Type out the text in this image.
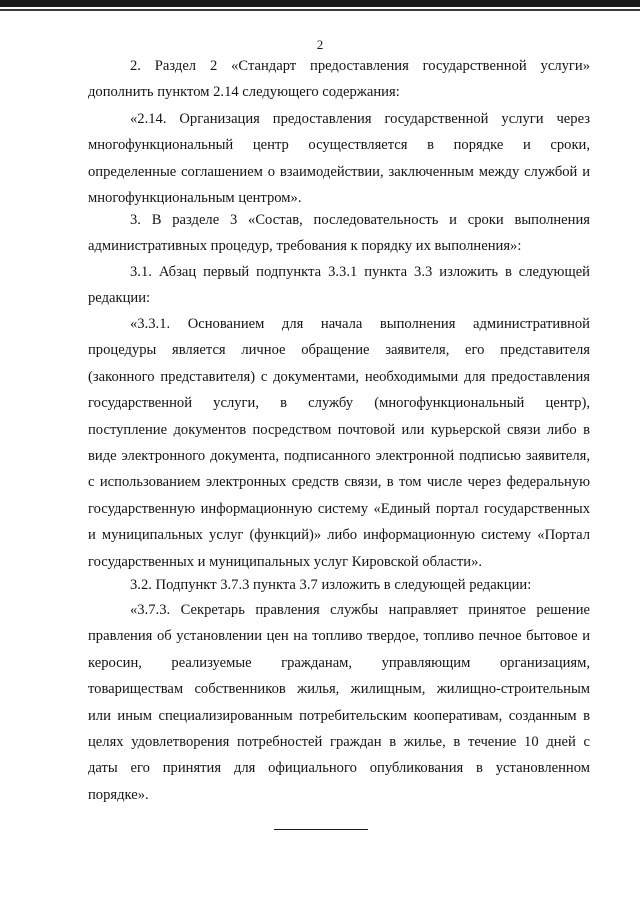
2
2. Раздел 2 «Стандарт предоставления государственной услуги»
дополнить пунктом 2.14 следующего содержания:
«2.14. Организация предоставления государственной услуги через
многофункциональный центр осуществляется в порядке и сроки,
определенные соглашением о взаимодействии, заключенным между службой и
многофункциональным центром».
3. В разделе 3 «Состав, последовательность и сроки выполнения
административных процедур, требования к порядку их выполнения»:
3.1. Абзац первый подпункта 3.3.1 пункта 3.3 изложить в следующей
редакции:
«3.3.1. Основанием для начала выполнения административной
процедуры является личное обращение заявителя, его представителя
(законного представителя) с документами, необходимыми для предоставления
государственной услуги, в службу (многофункциональный центр),
поступление документов посредством почтовой или курьерской связи либо в
виде электронного документа, подписанного электронной подписью заявителя,
с использованием электронных средств связи, в том числе через федеральную
государственную информационную систему «Единый портал государственных
и муниципальных услуг (функций)» либо информационную систему «Портал
государственных и муниципальных услуг Кировской области».
3.2. Подпункт 3.7.3 пункта 3.7 изложить в следующей редакции:
«3.7.3. Секретарь правления службы направляет принятое решение
правления об установлении цен на топливо твердое, топливо печное бытовое и
керосин, реализуемые гражданам, управляющим организациям,
товариществам собственников жилья, жилищным, жилищно-строительным
или иным специализированным потребительским кооперативам, созданным в
целях удовлетворения потребностей граждан в жилье, в течение 10 дней с
даты его принятия для официального опубликования в установленном
порядке».
